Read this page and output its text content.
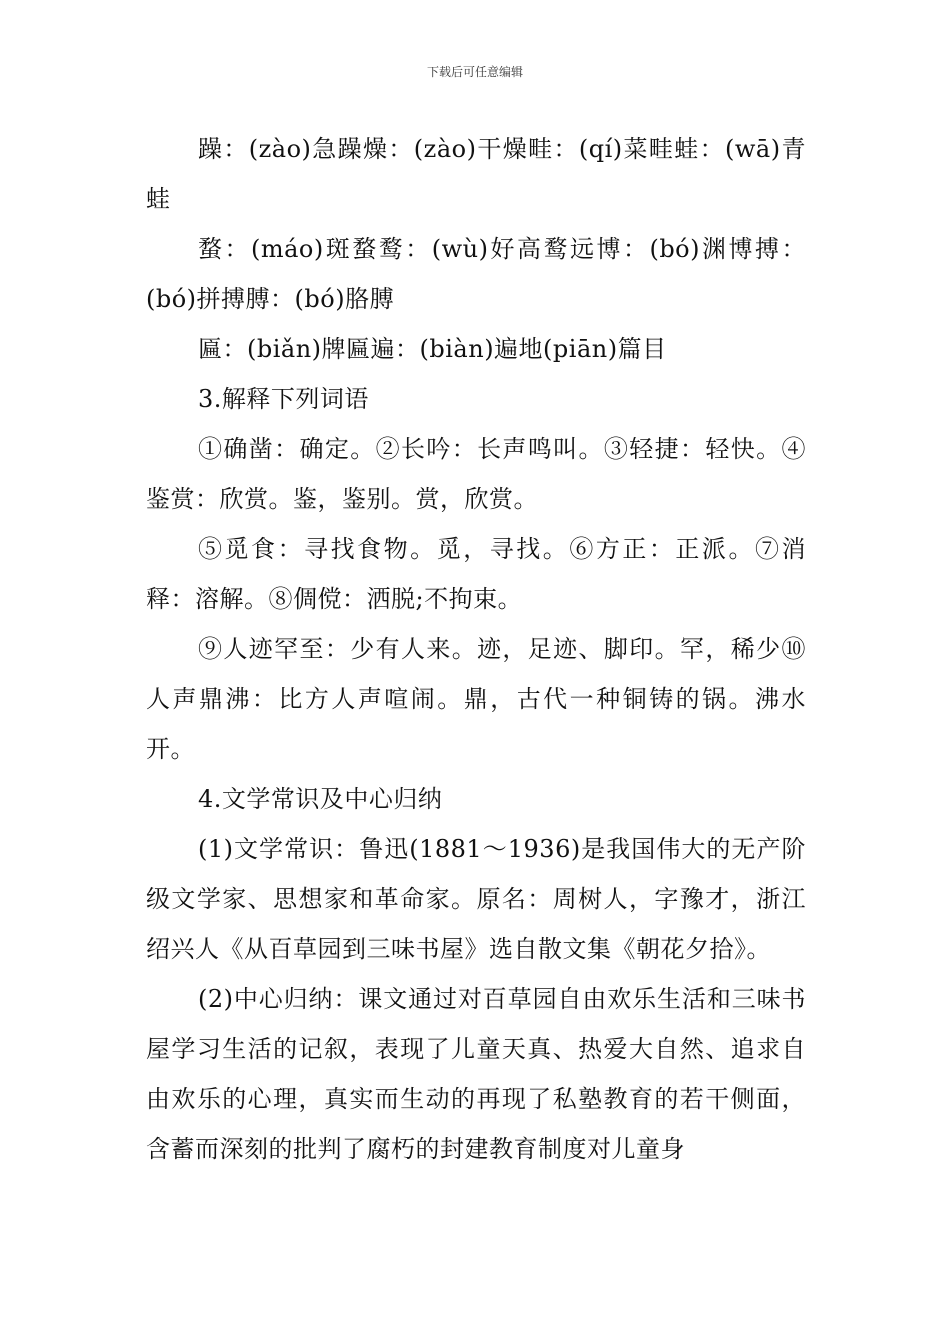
下载后可任意编辑

躁：(zào)急躁燥：(zào)干燥畦：(qí)菜畦蛙：(wā)青蛙

蝥：(máo)斑蝥鹜：(wù)好高鹜远博：(bó)渊博搏：(bó)拼搏膊：(bó)胳膊

匾：(biǎn)牌匾遍：(biàn)遍地(piān)篇目

3.解释下列词语

①确凿：确定。②长吟：长声鸣叫。③轻捷：轻快。④鉴赏：欣赏。鉴，鉴别。赏，欣赏。

⑤觅食：寻找食物。觅，寻找。⑥方正：正派。⑦消释：溶解。⑧倜傥：洒脱;不拘束。

⑨人迹罕至：少有人来。迹，足迹、脚印。罕，稀少⑩人声鼎沸：比方人声喧闹。鼎，古代一种铜铸的锅。沸水开。

4.文学常识及中心归纳

(1)文学常识：鲁迅(1881～1936)是我国伟大的无产阶级文学家、思想家和革命家。原名：周树人，字豫才，浙江绍兴人《从百草园到三味书屋》选自散文集《朝花夕拾》。

(2)中心归纳：课文通过对百草园自由欢乐生活和三味书屋学习生活的记叙，表现了儿童天真、热爱大自然、追求自由欢乐的心理，真实而生动的再现了私塾教育的若干侧面，含蓄而深刻的批判了腐朽的封建教育制度对儿童身
